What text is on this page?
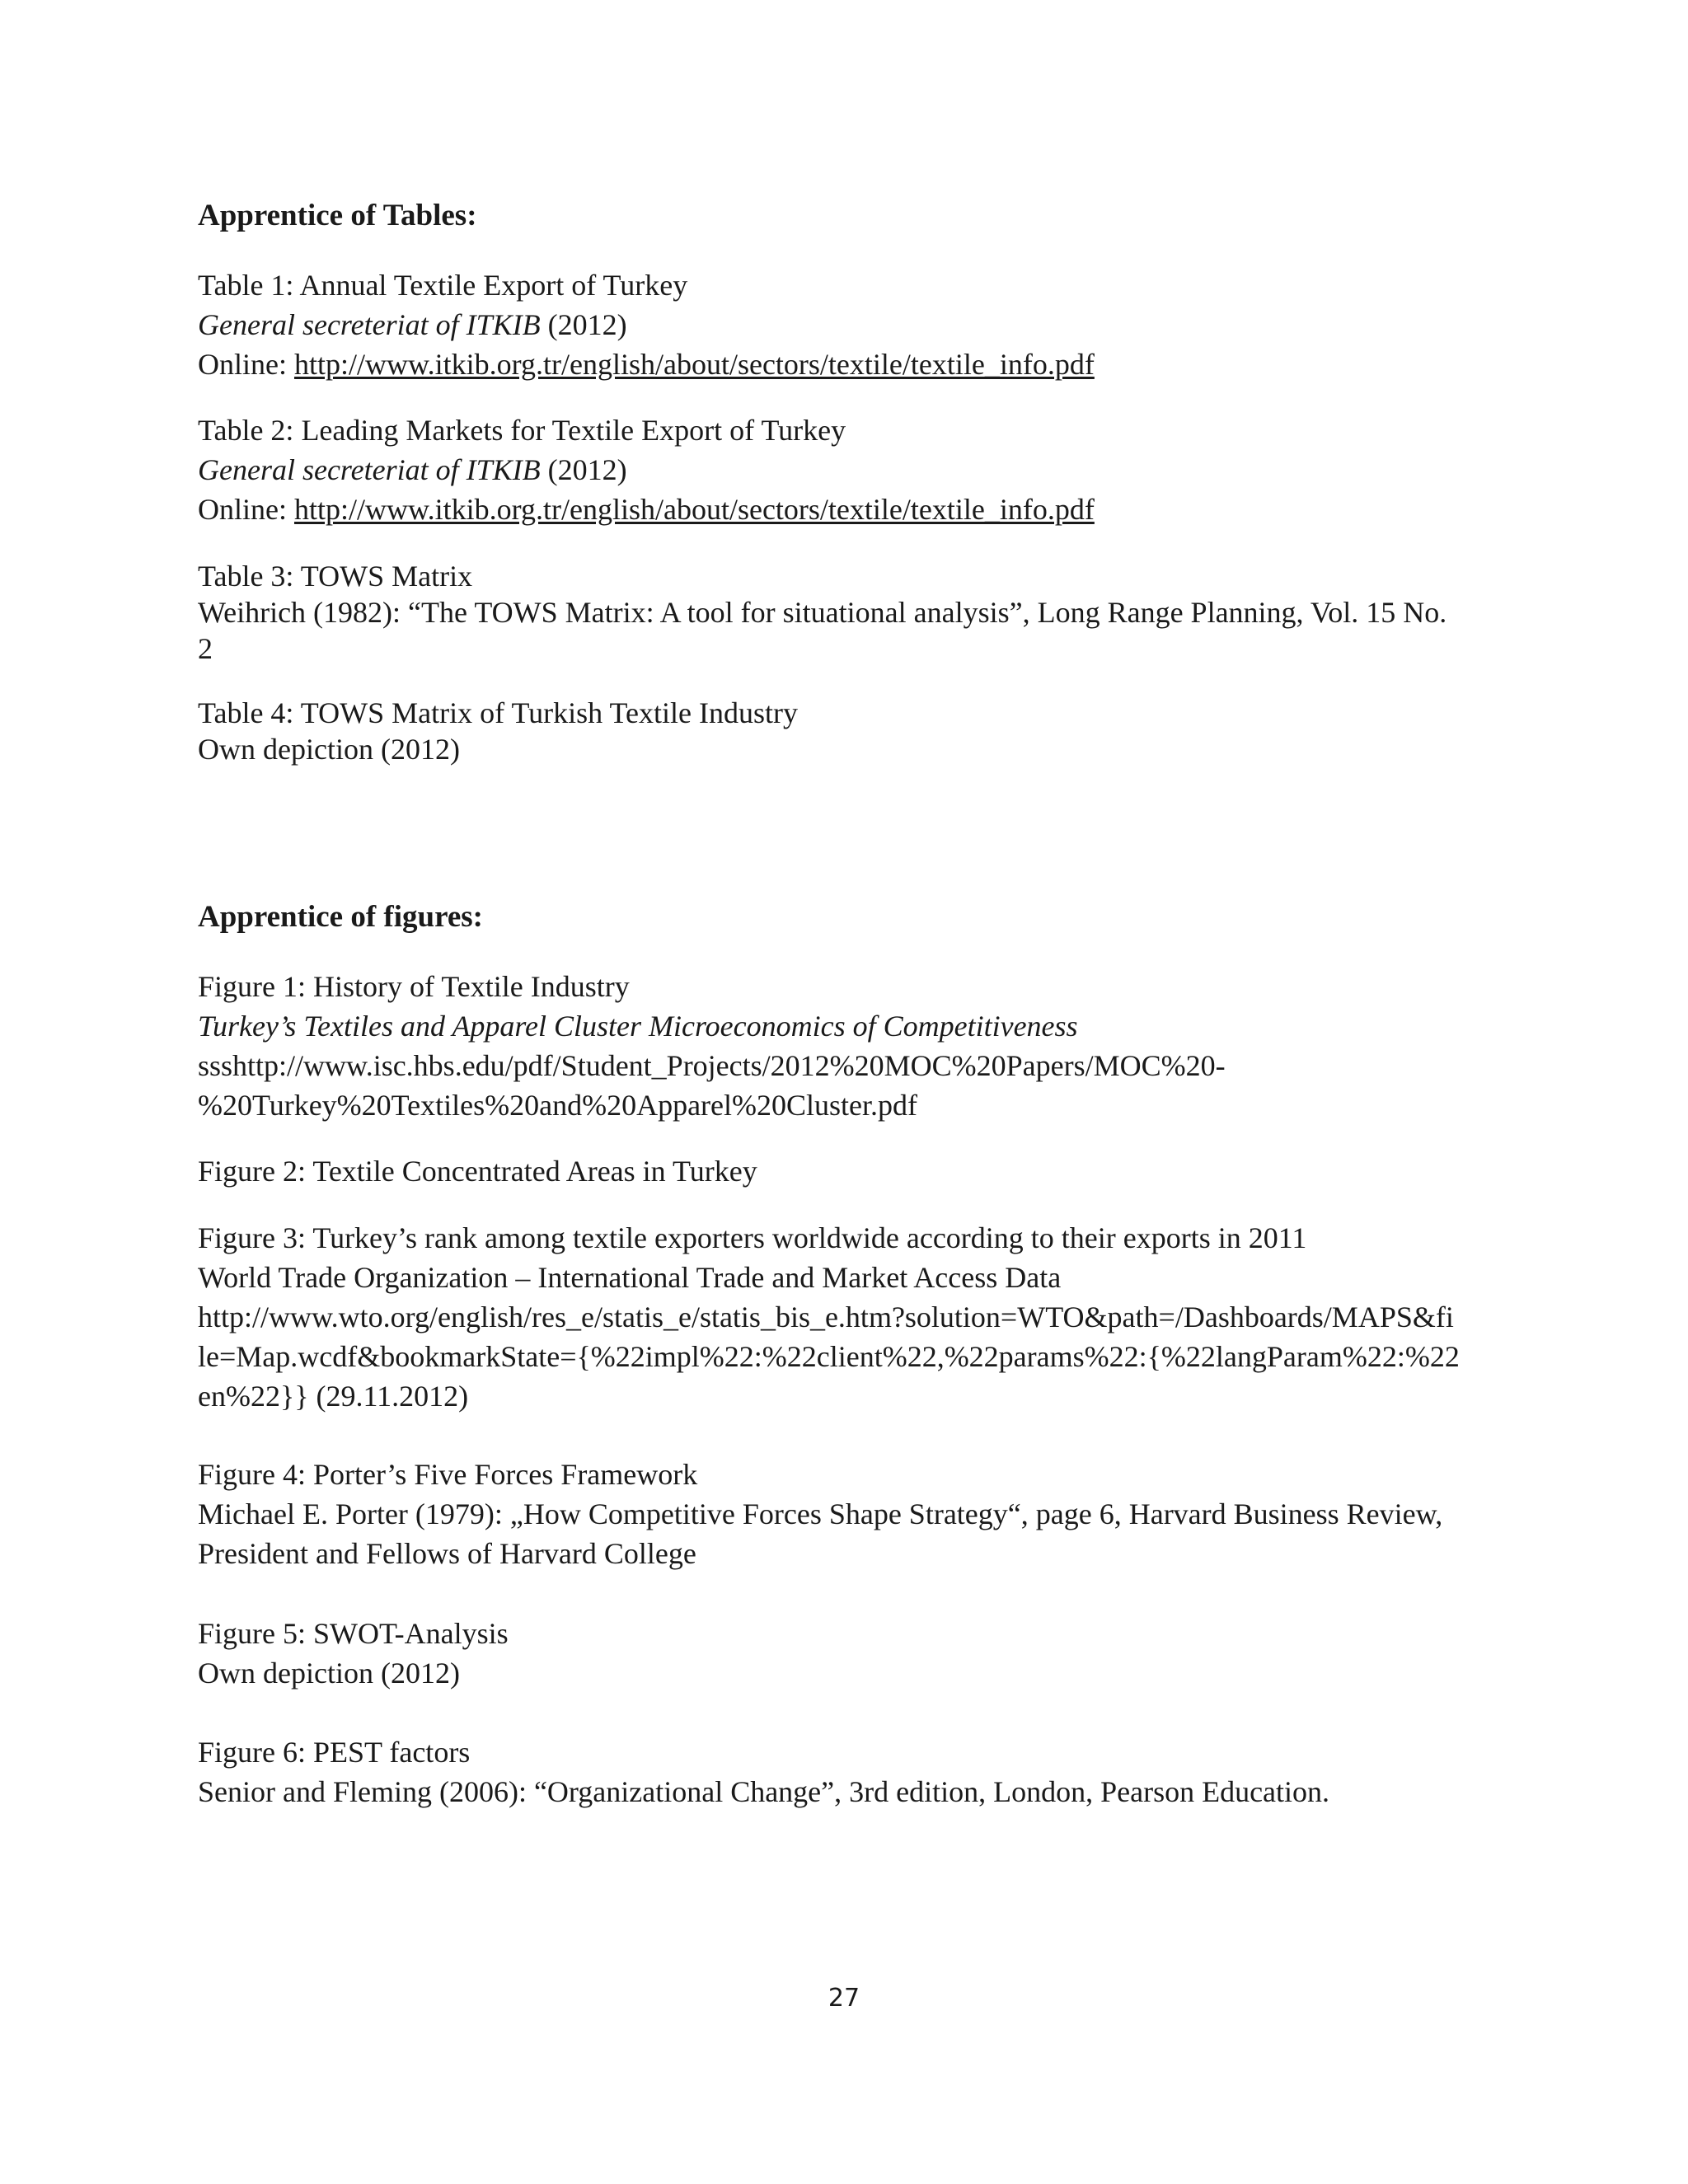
Apprentice of Tables:
Table 1: Annual Textile Export of Turkey
General secreteriat of ITKIB (2012)
Online: http://www.itkib.org.tr/english/about/sectors/textile/textile_info.pdf
Table 2: Leading Markets for Textile Export of Turkey
General secreteriat of ITKIB (2012)
Online: http://www.itkib.org.tr/english/about/sectors/textile/textile_info.pdf
Table 3: TOWS Matrix
Weihrich (1982): “The TOWS Matrix: A tool for situational analysis”, Long Range Planning, Vol. 15 No.
2
Table 4: TOWS Matrix of Turkish Textile Industry
Own depiction (2012)
Apprentice of figures:
Figure 1: History of Textile Industry
Turkey’s Textiles and Apparel Cluster Microeconomics of Competitiveness
ssshttp://www.isc.hbs.edu/pdf/Student_Projects/2012%20MOC%20Papers/MOC%20-
%20Turkey%20Textiles%20and%20Apparel%20Cluster.pdf
Figure 2: Textile Concentrated Areas in Turkey
Figure 3: Turkey’s rank among textile exporters worldwide according to their exports in 2011
World Trade Organization – International Trade and Market Access Data
http://www.wto.org/english/res_e/statis_e/statis_bis_e.htm?solution=WTO&path=/Dashboards/MAPS&fi
le=Map.wcdf&bookmarkState={%22impl%22:%22client%22,%22params%22:{%22langParam%22:%22
en%22}} (29.11.2012)
Figure 4: Porter’s Five Forces Framework
Michael E. Porter (1979): „How Competitive Forces Shape Strategy“, page 6, Harvard Business Review,
President and Fellows of Harvard College
Figure 5: SWOT-Analysis
Own depiction (2012)
Figure 6: PEST factors
Senior and Fleming (2006): “Organizational Change”, 3rd edition, London, Pearson Education.
27
